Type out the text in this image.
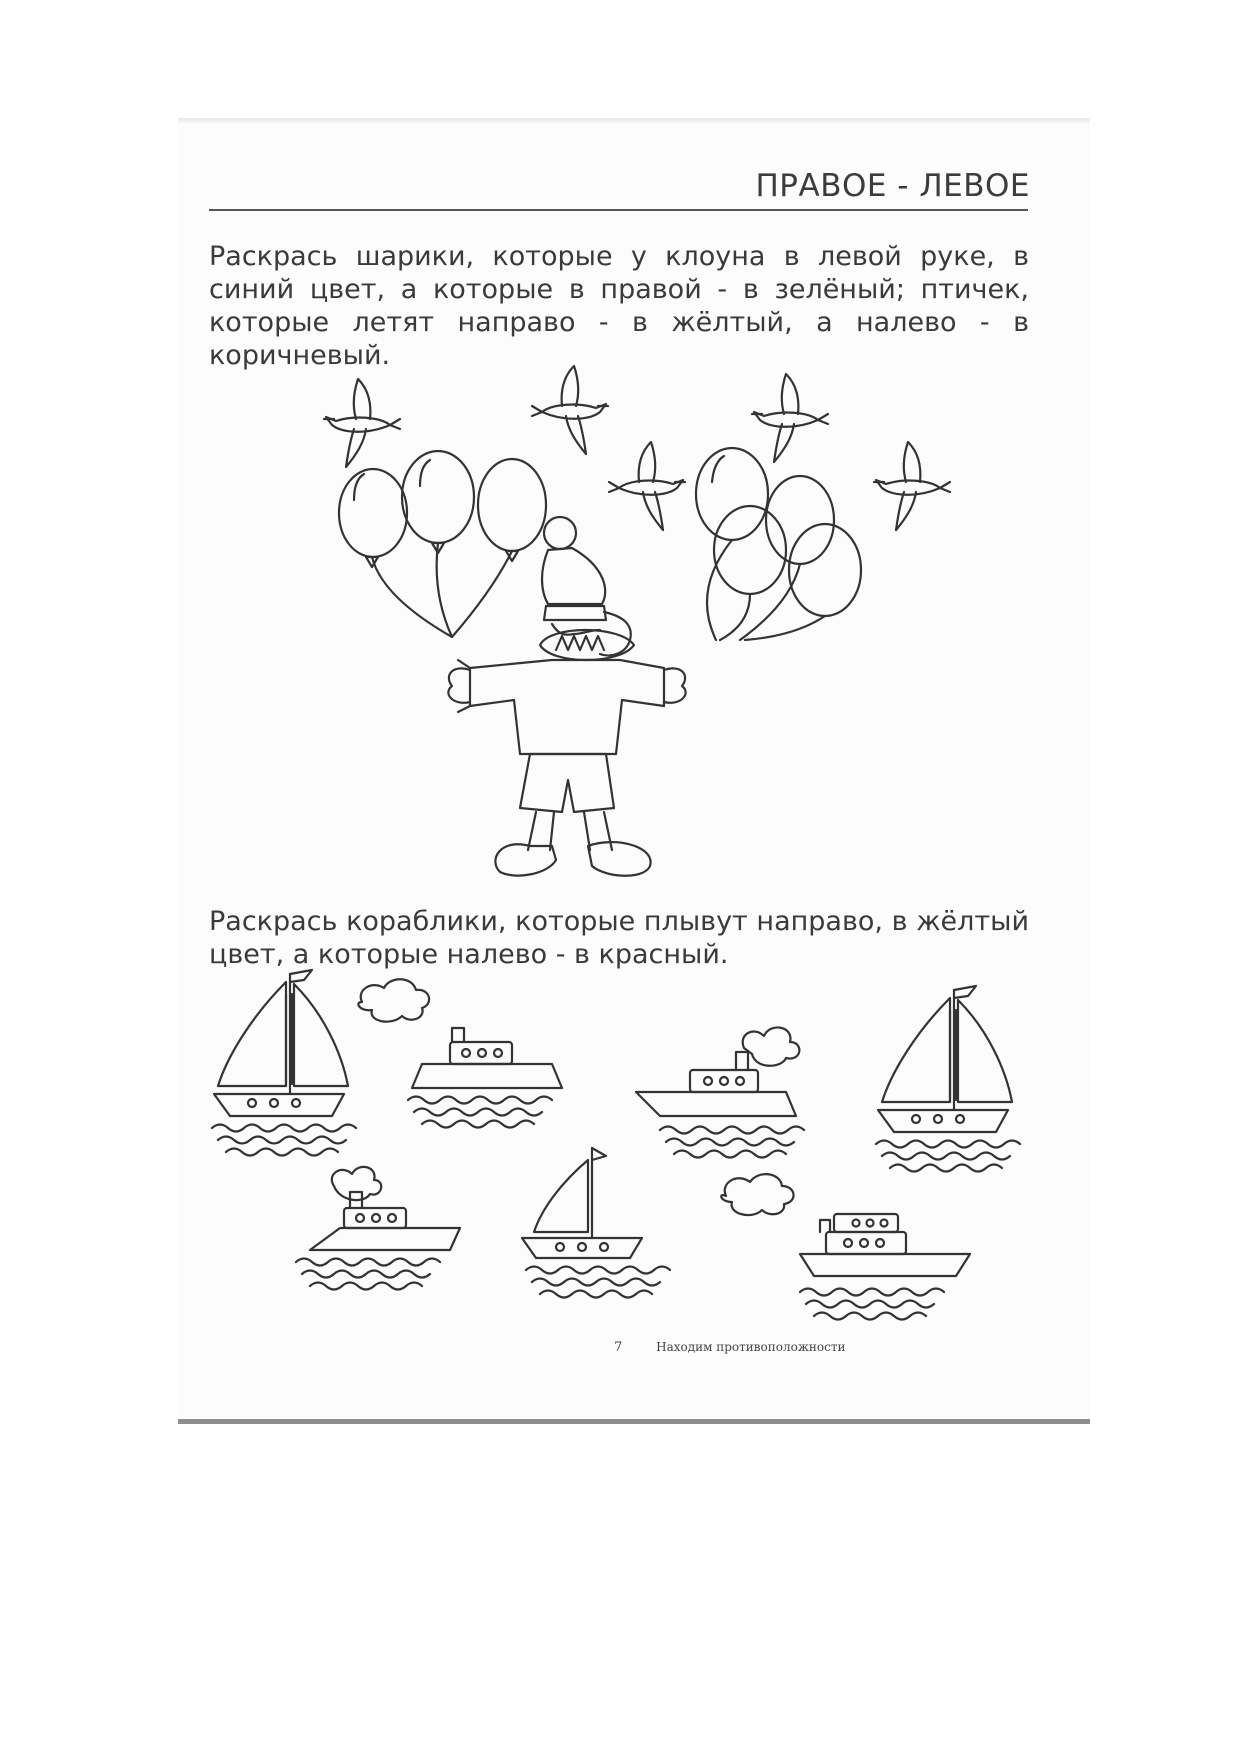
ПРАВОЕ - ЛЕВОЕ
Раскрась шарики, которые у клоуна в левой руке, в синий цвет, а которые в правой - в зелёный; птичек, которые летят направо - в жёлтый, а налево - в коричневый.
Раскрась кораблики, которые плывут направо, в жёлтый цвет, а которые налево - в красный.
7	Находим противоположности
